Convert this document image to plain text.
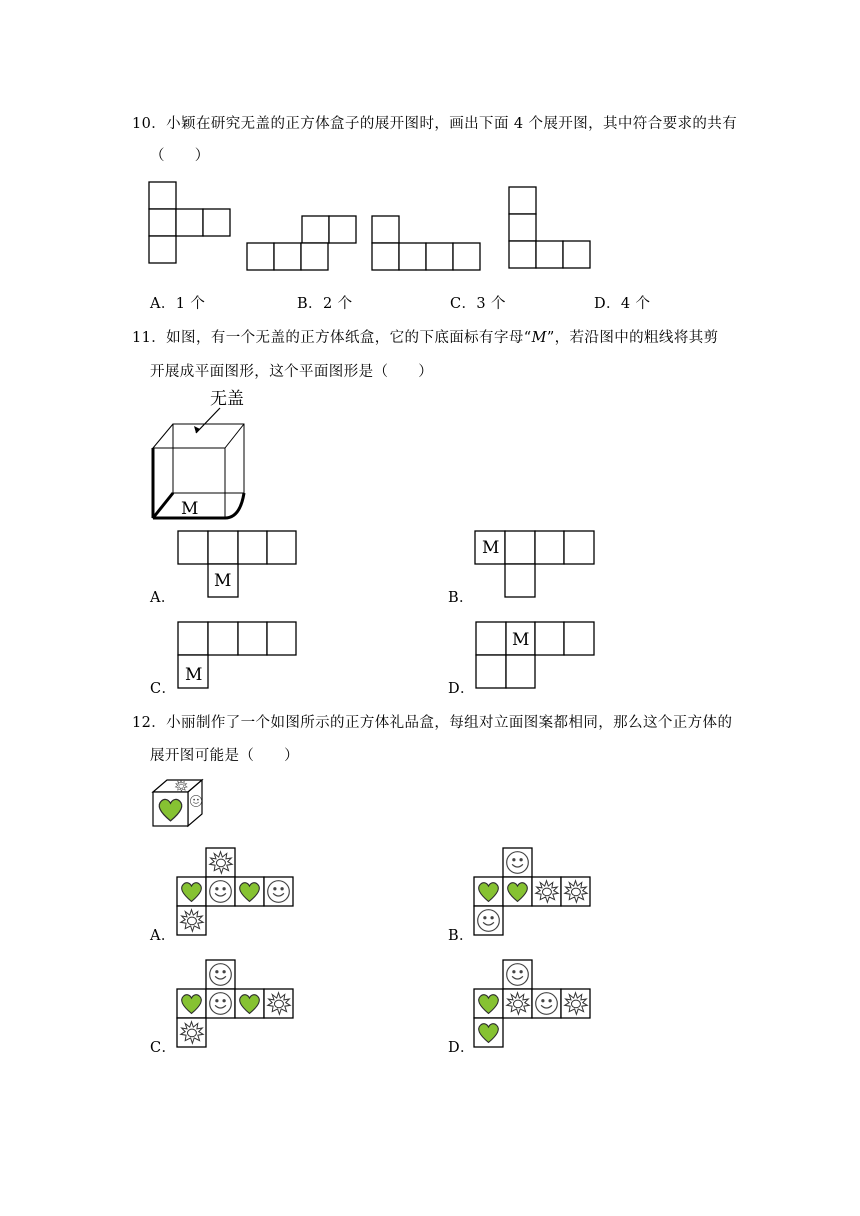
10．小颖在研究无盖的正方体盒子的展开图时，画出下面 4 个展开图，其中符合要求的共有
（　　）
A．1 个	B．2 个	C．3 个	D．4 个
11．如图，有一个无盖的正方体纸盒，它的下底面标有字母“M”，若沿图中的粗线将其剪
开展成平面图形，这个平面图形是（　　）
无盖
M
M
M
M
M
A．	B．
C．	D．
12．小丽制作了一个如图所示的正方体礼品盒，每组对立面图案都相同，那么这个正方体的
展开图可能是（　　）
A．	B．
C．	D．
